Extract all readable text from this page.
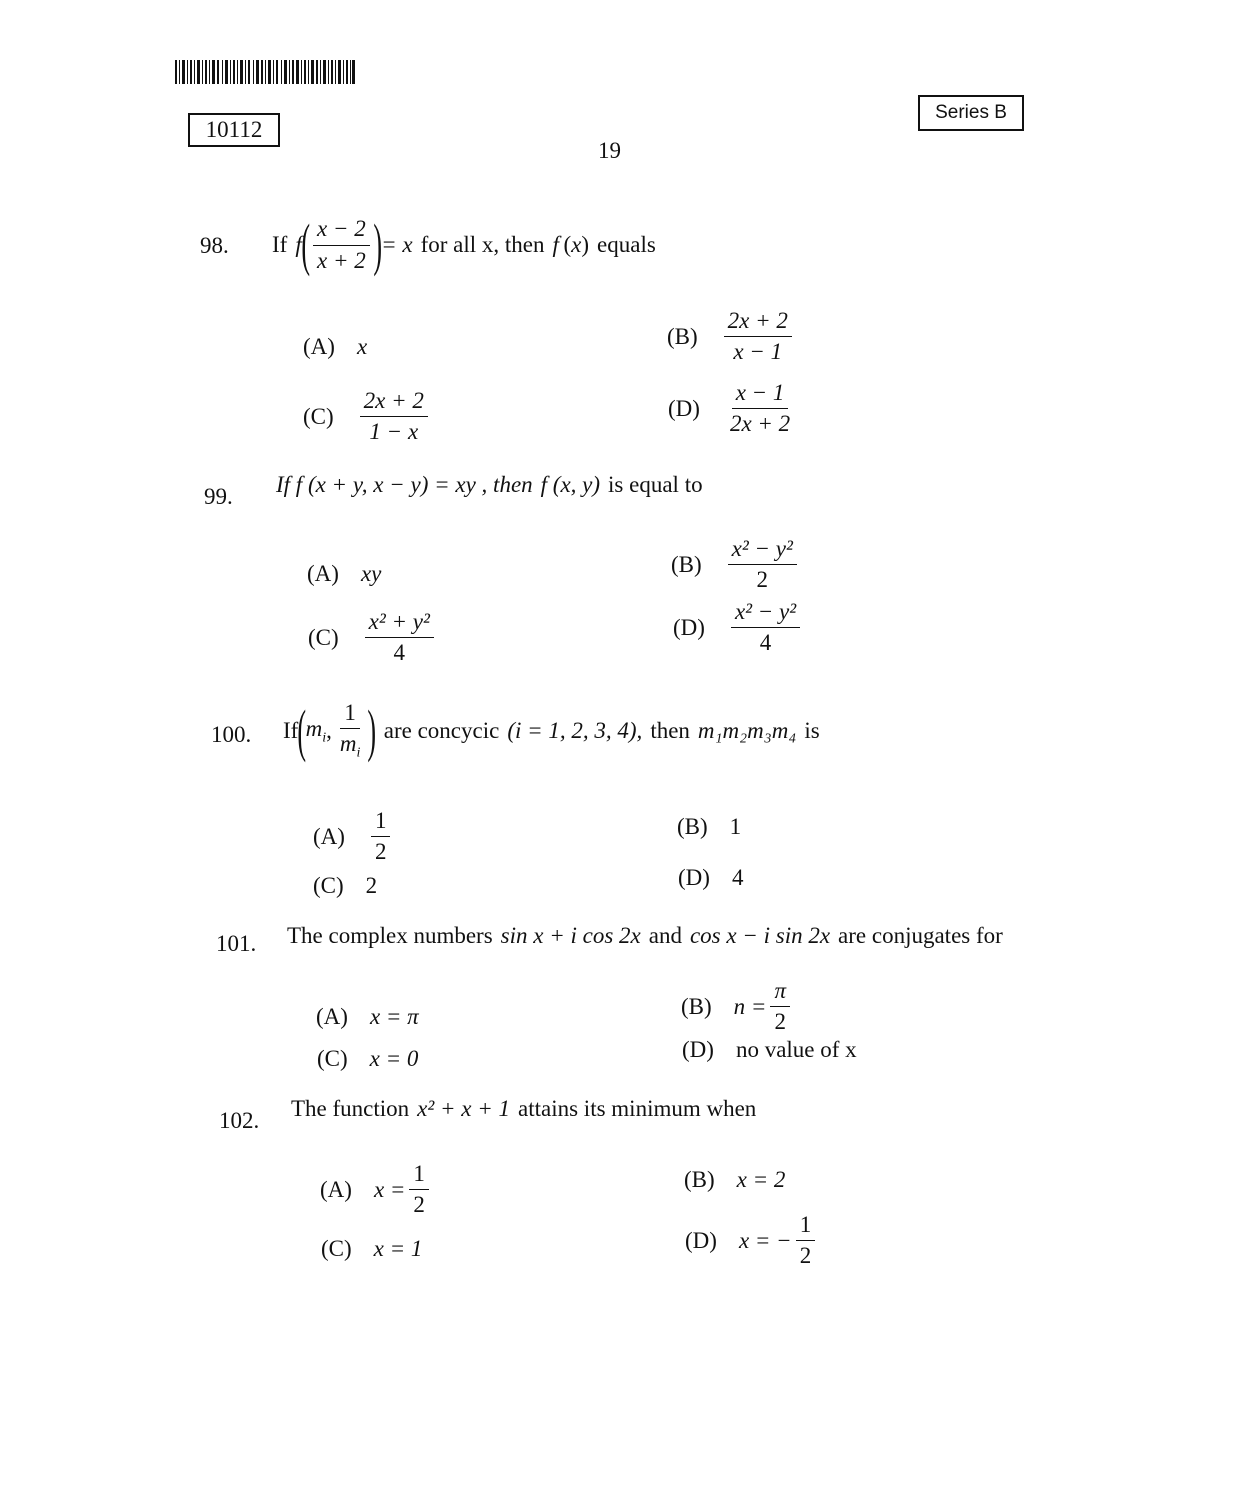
10112
Series B
19
98. If f ( $\frac{x - 2}{x + 2}$ ) = x for all x, then f  ( x ) equals
(A) x	$(B) \frac{2x + 2}{x - 1}$
$(C) \frac{2x + 2}{1 - x}$	$(D) \frac{x - 1}{2x + 2}$
99. If f (x + y, x − y) = xy , then f (x, y) is equal to
(A) xy	$(B) \frac{\text{x² − y²}}{2}$
$(C) \frac{\text{x² + y²}}{4}$	$(D) \frac{\text{x² − y²}}{4}$
100. If ( $m_i$ , $\frac{1}{m_i}$ ) are concycic (i = 1, 2, 3, 4), then m₁m₂m₃m₄ is
$(A) \frac{1}{2}$	(B) 1
(C) 2	(D) 4
101. The complex numbers sin x + i cos 2x and cos x − i sin 2x are conjugates for
(A) x = π	(B) $n = \frac{\pi}{2}$
(C) x = 0	(D) no value of x
102. The function x² + x + 1 attains its minimum when
(A) $x = \frac{1}{2}$	(B) x = 2
(C) x = 1	(D) x = − $\frac{1}{2}$
